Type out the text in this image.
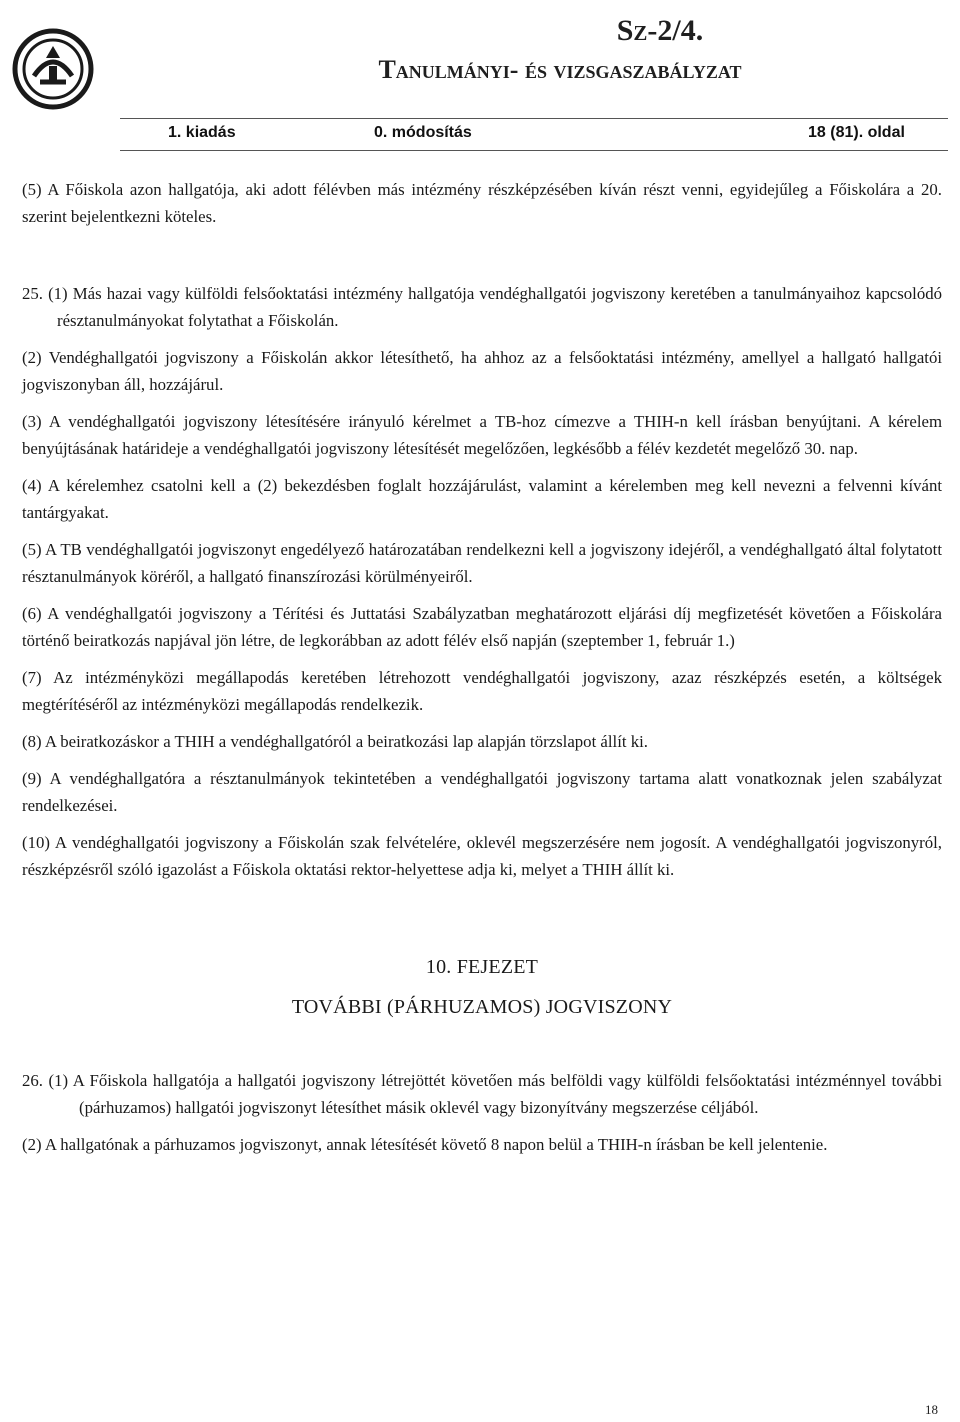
Sz-2/4.
Tanulmányi- és vizsgaszabályzat
1. kiadás	0. módosítás	18 (81). oldal

(5) A Főiskola azon hallgatója, aki adott félévben más intézmény részképzésében kíván részt venni, egyidejűleg a Főiskolára a 20. szerint bejelentkezni köteles.

25. (1) Más hazai vagy külföldi felsőoktatási intézmény hallgatója vendéghallgatói jogviszony keretében a tanulmányaihoz kapcsolódó résztanulmányokat folytathat a Főiskolán.

(2) Vendéghallgatói jogviszony a Főiskolán akkor létesíthető, ha ahhoz az a felsőoktatási intézmény, amellyel a hallgató hallgatói jogviszonyban áll, hozzájárul.

(3) A vendéghallgatói jogviszony létesítésére irányuló kérelmet a TB-hoz címezve a THIH-n kell írásban benyújtani. A kérelem benyújtásának határideje a vendéghallgatói jogviszony létesítését megelőzően, legkésőbb a félév kezdetét megelőző 30. nap.

(4) A kérelemhez csatolni kell a (2) bekezdésben foglalt hozzájárulást, valamint a kérelemben meg kell nevezni a felvenni kívánt tantárgyakat.

(5) A TB vendéghallgatói jogviszonyt engedélyező határozatában rendelkezni kell a jogviszony idejéről, a vendéghallgató által folytatott résztanulmányok köréről, a hallgató finanszírozási körülményeiről.

(6) A vendéghallgatói jogviszony a Térítési és Juttatási Szabályzatban meghatározott eljárási díj megfizetését követően a Főiskolára történő beiratkozás napjával jön létre, de legkorábban az adott félév első napján (szeptember 1, február 1.)

(7) Az intézményközi megállapodás keretében létrehozott vendéghallgatói jogviszony, azaz részképzés esetén, a költségek megtérítéséről az intézményközi megállapodás rendelkezik.

(8) A beiratkozáskor a THIH a vendéghallgatóról a beiratkozási lap alapján törzslapot állít ki.

(9) A vendéghallgatóra a résztanulmányok tekintetében a vendéghallgatói jogviszony tartama alatt vonatkoznak jelen szabályzat rendelkezései.

(10) A vendéghallgatói jogviszony a Főiskolán szak felvételére, oklevél megszerzésére nem jogosít. A vendéghallgatói jogviszonyról, részképzésről szóló igazolást a Főiskola oktatási rektor-helyettese adja ki, melyet a THIH állít ki.

10. FEJEZET

TOVÁBBI (PÁRHUZAMOS) JOGVISZONY

26. (1) A Főiskola hallgatója a hallgatói jogviszony létrejöttét követően más belföldi vagy külföldi felsőoktatási intézménnyel további (párhuzamos) hallgatói jogviszonyt létesíthet másik oklevél vagy bizonyítvány megszerzése céljából.

(2) A hallgatónak a párhuzamos jogviszonyt, annak létesítését követő 8 napon belül a THIH-n írásban be kell jelentenie.

18
